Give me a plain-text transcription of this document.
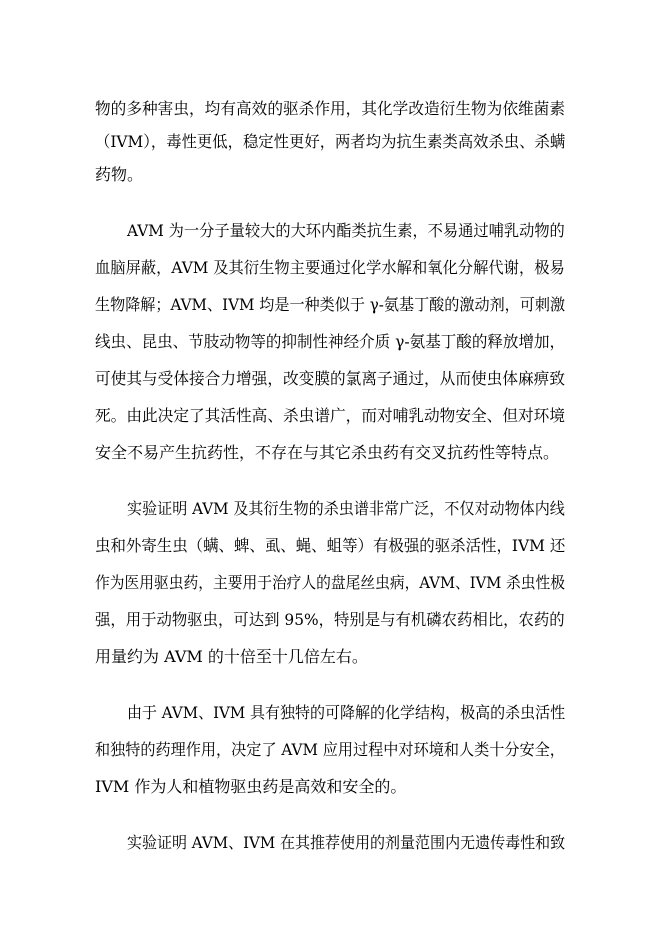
物的多种害虫，均有高效的驱杀作用，其化学改造衍生物为依维菌素
（IVM），毒性更低，稳定性更好，两者均为抗生素类高效杀虫、杀螨
药物。
AVM 为一分子量较大的大环内酯类抗生素，不易通过哺乳动物的
血脑屏蔽，AVM 及其衍生物主要通过化学水解和氧化分解代谢，极易
生物降解；AVM、IVM 均是一种类似于 γ-氨基丁酸的激动剂，可刺激
线虫、昆虫、节肢动物等的抑制性神经介质 γ-氨基丁酸的释放增加，
可使其与受体接合力增强，改变膜的氯离子通过，从而使虫体麻痹致
死。由此决定了其活性高、杀虫谱广，而对哺乳动物安全、但对环境
安全不易产生抗药性，不存在与其它杀虫药有交叉抗药性等特点。
实验证明 AVM 及其衍生物的杀虫谱非常广泛，不仅对动物体内线
虫和外寄生虫（螨、蜱、虱、蝇、蛆等）有极强的驱杀活性，IVM 还
作为医用驱虫药，主要用于治疗人的盘尾丝虫病，AVM、IVM 杀虫性极
强，用于动物驱虫，可达到 95%，特别是与有机磷农药相比，农药的
用量约为 AVM 的十倍至十几倍左右。
由于 AVM、IVM 具有独特的可降解的化学结构，极高的杀虫活性
和独特的药理作用，决定了 AVM 应用过程中对环境和人类十分安全，
IVM 作为人和植物驱虫药是高效和安全的。
实验证明 AVM、IVM 在其推荐使用的剂量范围内无遗传毒性和致
